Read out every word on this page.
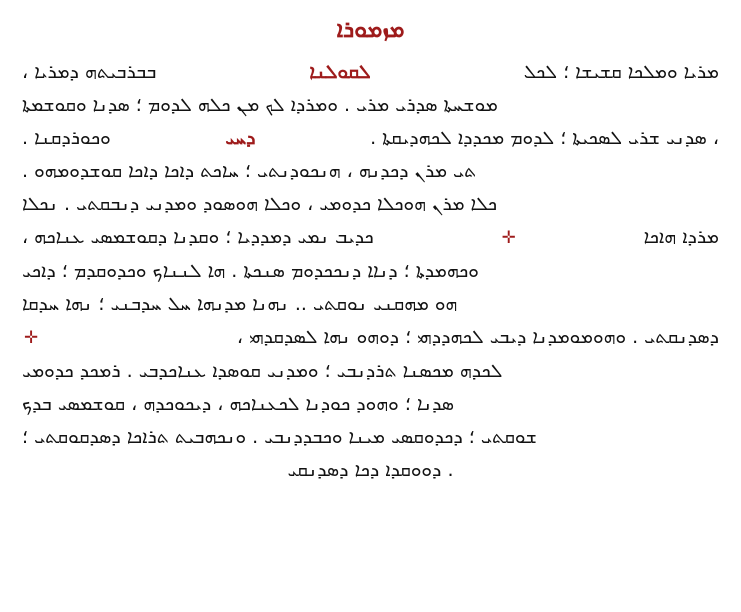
ܡܙܡܘܪܐ
ܒܒܪܒܝܬܗ ܕܡܪܝܐ ،	ܠܩܘܠܢܐ	ܡܪܝܐ ܘܡܠܟܐ ܩܫܝܫܐ ؛ ܠܟܠ
ܡܘܫܚܬܐ ܣܕܪܝ ܡܪܝ . ܘܡܪܕܐ ܠܟ ܡܢ ܟܠܗ ܠܕܘܡ ؛ ܣܕܢܐ ܘܩܘܫܡܬܐ
ܘܟܘܪܕܩܢܐ .	ܕܚܝ	، ܣܕܢܝ ܫܪܝ ܠܣܟܝܬܐ ؛ ܠܕܘܡ ܡܟܕܕܐ ܠܟܗܕܝܩܬܐ .
ܬܝ ܡܪܢ ܕܟܕܢܗ ، ܗܢܟܘܕܢܬܝ ؛ ܚܐܟܬ ܕܐܟܐ ܕܐܟܐ ܩܘܫܕܘܡܗܘ .
ܟܠܐ ܡܪܢ ܗܘܟܠܐ ܟܕܘܡܝ ، ܘܟܠܐ ܗܘܣܘܕ ܘܡܕܢܝ ܕܢܒܩܬܝ . ܢܟܠܐ
ܟܕܝܒ ܢܡܝ ܕܡܕܕܝܐ ؛ ܘܩܕܢܐ ܕܩܘܫܡܣܝ ܥܢܐܟܗ ،	✛	ܡܪܕܐ ܗܐܟܐ
ܘܟܗܡܕܬܐ ؛ ܕܢܐܐ ܕܢܟܟܕܘܡ ܣܢܟܬܐ . ܗܐ ܠܢܢܐܟ ܘܟܕܘܩܕܡ ؛ ܕܐܟܝ
ܗܘ ܡܗܩܢܝ ܢܘܩܬܝ .. ܢܗܢܐ ܡܕܢܗܐ ܚܠ ܚܕܒܢܝ ؛ ܢܗܐ ܚܕܩܐ
✛	ܕܣܕܢܩܬܝ . ܘܗܘܡܘܡܕܢܐ ܕܝܒܝ ܠܟܗܕܕܗܝ ؛ ܕܘܗܘ ܢܗܐ ܠܣܕܩܕܗܝ ،
ܠܟܕܗ ܡܟܣܢܐ ܬܪܕܢܒܝ ؛ ܘܡܕܢܝ ܩܘܣܕܐ ܥܢܐܟܕܒܝ . ܪܡܟܕ ܟܕܘܡܝ
ܣܕܢܐ ؛ ܘܗܘܕ ܟܘܕܢܐ ܠܟܥܢܐܟܗ ، ܕܝܟܘܟܕܗ ، ܩܘܫܡܣܝ ܒܕܟ
ܫܘܩܬܝ ؛ ܕܟܕܘܩܣܝ ܡܝܢܐ ܘܟܒܕܕܢܒܝ . ܘܢܟܗܒܝܬ ܬܪܐܟܐ ܕܣܕܩܘܩܬܝ ؛
. ܕܘܘܩܕܐ ܕܟܐ ܕܣܕܢܩܝ
